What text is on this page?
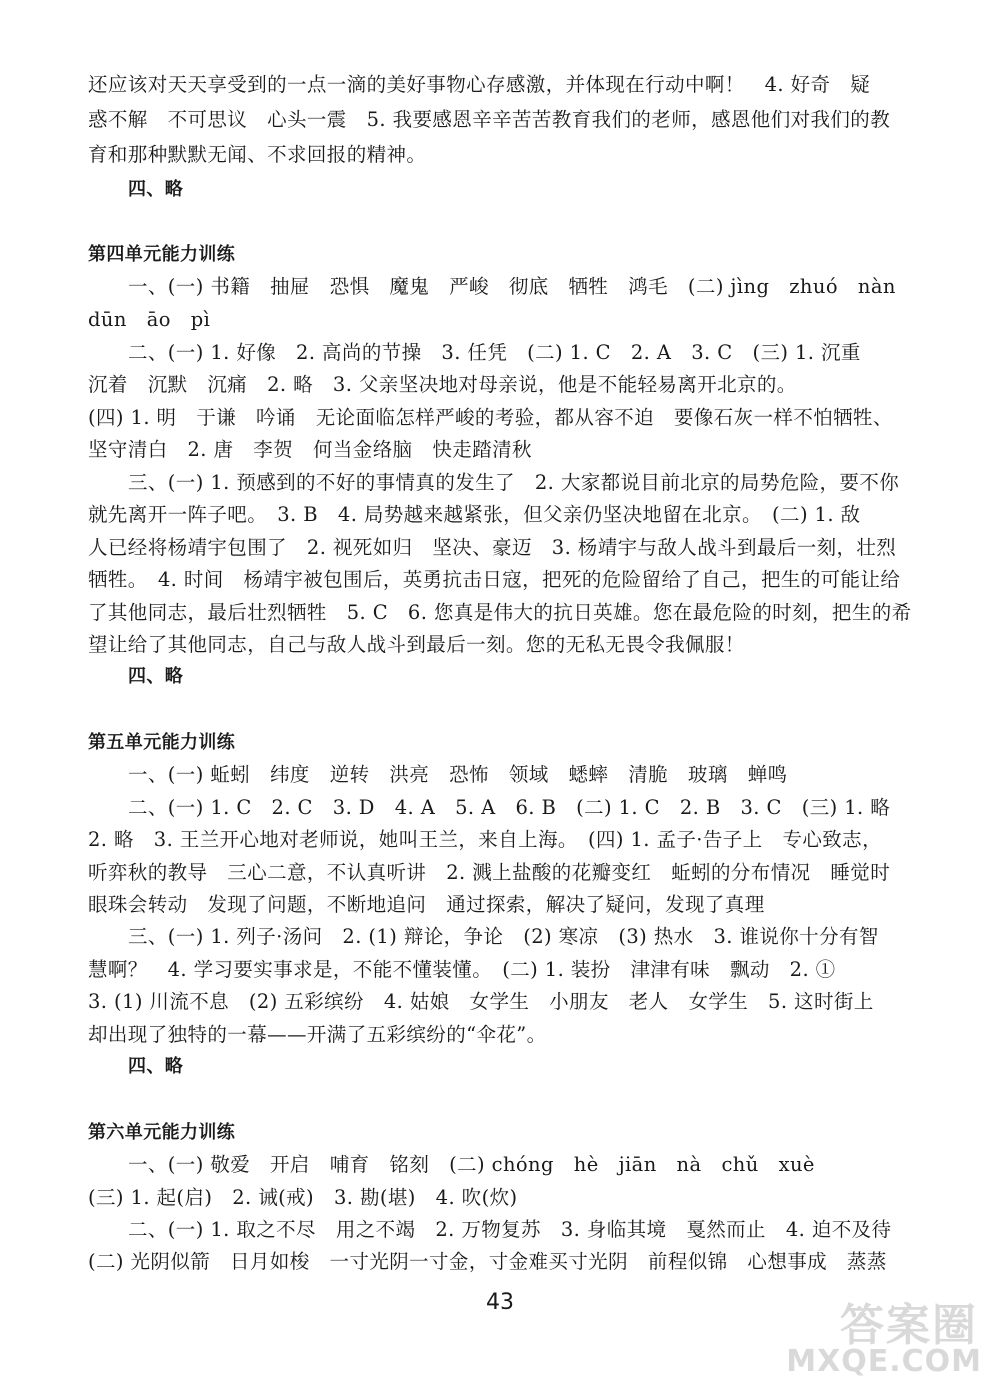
还应该对天天享受到的一点一滴的美好事物心存感激，并体现在行动中啊！　4. 好奇　疑
惑不解　不可思议　心头一震　5. 我要感恩辛辛苦苦教育我们的老师，感恩他们对我们的教
育和那种默默无闻、不求回报的精神。
四、略
第四单元能力训练
一、(一) 书籍　抽屉　恐惧　魔鬼　严峻　彻底　牺牲　鸿毛　(二) jìng　zhuó　nàn
dūn　āo　pì
二、(一) 1. 好像　2. 高尚的节操　3. 任凭　(二) 1. C　2. A　3. C　(三) 1. 沉重
沉着　沉默　沉痛　2. 略　3. 父亲坚决地对母亲说，他是不能轻易离开北京的。
(四) 1. 明　于谦　吟诵　无论面临怎样严峻的考验，都从容不迫　要像石灰一样不怕牺牲、
坚守清白　2. 唐　李贺　何当金络脑　快走踏清秋
三、(一) 1. 预感到的不好的事情真的发生了　2. 大家都说目前北京的局势危险，要不你
就先离开一阵子吧。　3. B　4. 局势越来越紧张，但父亲仍坚决地留在北京。　(二) 1. 敌
人已经将杨靖宇包围了　2. 视死如归　坚决、豪迈　3. 杨靖宇与敌人战斗到最后一刻，壮烈
牺牲。　4. 时间　杨靖宇被包围后，英勇抗击日寇，把死的危险留给了自己，把生的可能让给
了其他同志，最后壮烈牺牲　5. C　6. 您真是伟大的抗日英雄。您在最危险的时刻，把生的希
望让给了其他同志，自己与敌人战斗到最后一刻。您的无私无畏令我佩服！
四、略
第五单元能力训练
一、(一) 蚯蚓　纬度　逆转　洪亮　恐怖　领域　蟋蟀　清脆　玻璃　蝉鸣
二、(一) 1. C　2. C　3. D　4. A　5. A　6. B　(二) 1. C　2. B　3. C　(三) 1. 略
2. 略　3. 王兰开心地对老师说，她叫王兰，来自上海。　(四) 1. 孟子·告子上　专心致志，
听弈秋的教导　三心二意，不认真听讲　2. 溅上盐酸的花瓣变红　蚯蚓的分布情况　睡觉时
眼珠会转动　发现了问题，不断地追问　通过探索，解决了疑问，发现了真理
三、(一) 1. 列子·汤问　2. (1) 辩论，争论　(2) 寒凉　(3) 热水　3. 谁说你十分有智
慧啊？　4. 学习要实事求是，不能不懂装懂。　(二) 1. 装扮　津津有味　飘动　2. ①
3. (1) 川流不息　(2) 五彩缤纷　4. 姑娘　女学生　小朋友　老人　女学生　5. 这时街上
却出现了独特的一幕——开满了五彩缤纷的“伞花”。
四、略
第六单元能力训练
一、(一) 敬爱　开启　哺育　铭刻　(二) chóng　hè　jiān　nà　chǔ　xuè
(三) 1. 起(启)　2. 诫(戒)　3. 勘(堪)　4. 吹(炊)
二、(一) 1. 取之不尽　用之不竭　2. 万物复苏　3. 身临其境　戛然而止　4. 迫不及待
(二) 光阴似箭　日月如梭　一寸光阴一寸金，寸金难买寸光阴　前程似锦　心想事成　蒸蒸
43	答案圈
MXQE.COM
